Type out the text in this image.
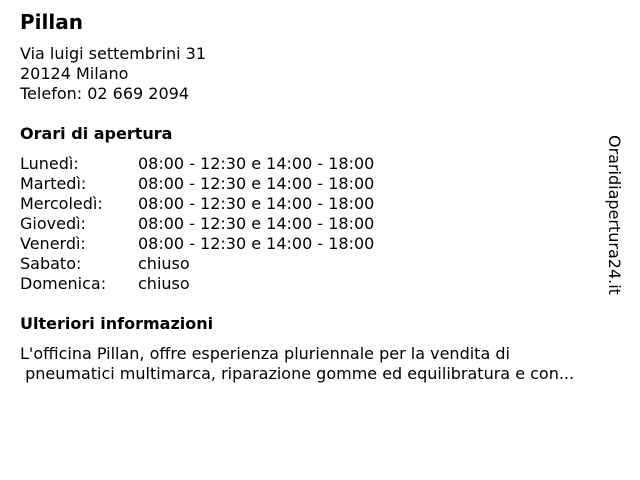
Pillan
Via luigi settembrini 31
20124 Milano
Telefon: 02 669 2094
Orari di apertura
Lunedì:	08:00 - 12:30 e 14:00 - 18:00
Martedì:	08:00 - 12:30 e 14:00 - 18:00
Mercoledì:	08:00 - 12:30 e 14:00 - 18:00
Giovedì:	08:00 - 12:30 e 14:00 - 18:00
Venerdì:	08:00 - 12:30 e 14:00 - 18:00
Sabato:	chiuso
Domenica:	chiuso
Ulteriori informazioni
L'officina Pillan, offre esperienza pluriennale per la vendita di
pneumatici multimarca, riparazione gomme ed equilibratura e con...
Oraridiapertura24.it
